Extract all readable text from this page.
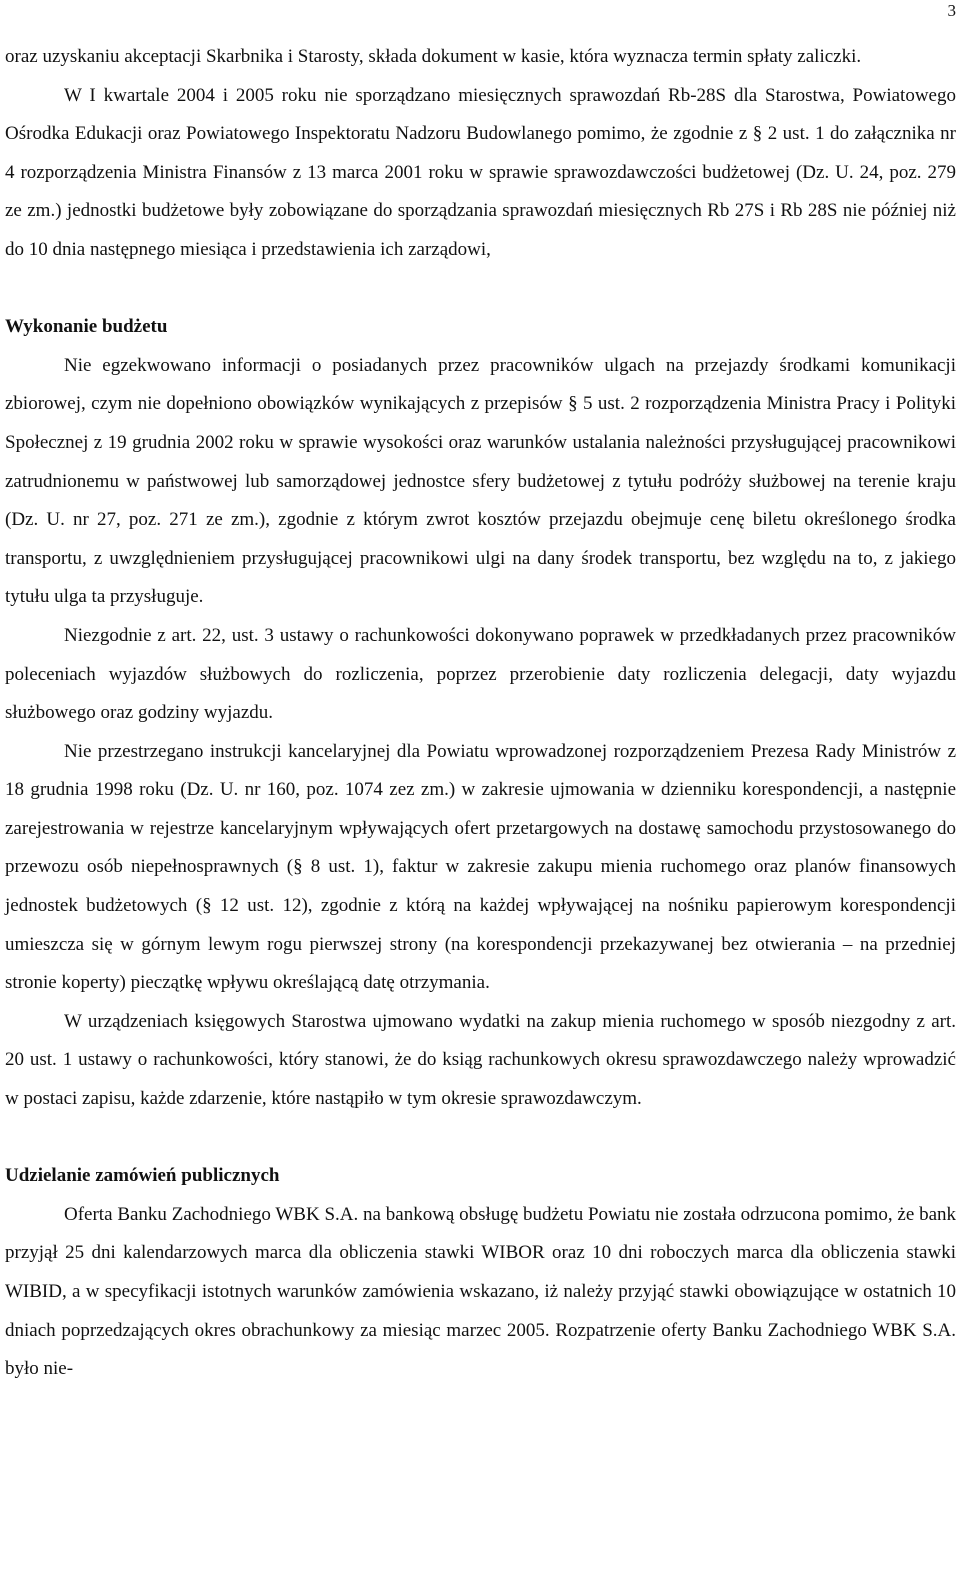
3

oraz uzyskaniu akceptacji Skarbnika i Starosty, składa dokument w kasie, która wyznacza termin spłaty zaliczki.

W I kwartale 2004 i 2005 roku nie sporządzano miesięcznych sprawozdań Rb-28S dla Starostwa, Powiatowego Ośrodka Edukacji oraz Powiatowego Inspektoratu Nadzoru Budowlanego pomimo, że zgodnie z § 2 ust. 1 do załącznika nr 4 rozporządzenia Ministra Finansów z 13 marca 2001 roku w sprawie sprawozdawczości budżetowej (Dz. U. 24, poz. 279 ze zm.) jednostki budżetowe były zobowiązane do sporządzania sprawozdań miesięcznych Rb 27S i Rb 28S nie później niż do 10 dnia następnego miesiąca i przedstawienia ich zarządowi,

Wykonanie budżetu

Nie egzekwowano informacji o posiadanych przez pracowników ulgach na przejazdy środkami komunikacji zbiorowej, czym nie dopełniono obowiązków wynikających z przepisów § 5 ust. 2 rozporządzenia Ministra Pracy i Polityki Społecznej z 19 grudnia 2002 roku w sprawie wysokości oraz warunków ustalania należności przysługującej pracownikowi zatrudnionemu w państwowej lub samorządowej jednostce sfery budżetowej z tytułu podróży służbowej na terenie kraju (Dz. U. nr 27, poz. 271 ze zm.), zgodnie z którym zwrot kosztów przejazdu obejmuje cenę biletu określonego środka transportu, z uwzględnieniem przysługującej pracownikowi ulgi na dany środek transportu, bez względu na to, z jakiego tytułu ulga ta przysługuje.

Niezgodnie z art. 22, ust. 3 ustawy o rachunkowości dokonywano poprawek w przedkładanych przez pracowników poleceniach wyjazdów służbowych do rozliczenia, poprzez przerobienie daty rozliczenia delegacji, daty wyjazdu służbowego oraz godziny wyjazdu.

Nie przestrzegano instrukcji kancelaryjnej dla Powiatu wprowadzonej rozporządzeniem Prezesa Rady Ministrów z 18 grudnia 1998 roku (Dz. U. nr 160, poz. 1074 zez zm.) w zakresie ujmowania w dzienniku korespondencji, a następnie zarejestrowania w rejestrze kancelaryjnym wpływających ofert przetargowych na dostawę samochodu przystosowanego do przewozu osób niepełnosprawnych (§ 8 ust. 1), faktur w zakresie zakupu mienia ruchomego oraz planów finansowych jednostek budżetowych (§ 12 ust. 12), zgodnie z którą na każdej wpływającej na nośniku papierowym korespondencji umieszcza się w górnym lewym rogu pierwszej strony (na korespondencji przekazywanej bez otwierania – na przedniej stronie koperty) pieczątkę wpływu określającą datę otrzymania.

W urządzeniach księgowych Starostwa ujmowano wydatki na zakup mienia ruchomego w sposób niezgodny z art. 20 ust. 1 ustawy o rachunkowości, który stanowi, że do ksiąg rachunkowych okresu sprawozdawczego należy wprowadzić w postaci zapisu, każde zdarzenie, które nastąpiło w tym okresie sprawozdawczym.

Udzielanie zamówień publicznych

Oferta Banku Zachodniego WBK S.A. na bankową obsługę budżetu Powiatu nie została odrzucona pomimo, że bank przyjął 25 dni kalendarzowych marca dla obliczenia stawki WIBOR oraz 10 dni roboczych marca dla obliczenia stawki WIBID, a w specyfikacji istotnych warunków zamówienia wskazano, iż należy przyjąć stawki obowiązujące w ostatnich 10 dniach poprzedzających okres obrachunkowy za miesiąc marzec 2005. Rozpatrzenie oferty Banku Zachodniego WBK S.A. było nie-
